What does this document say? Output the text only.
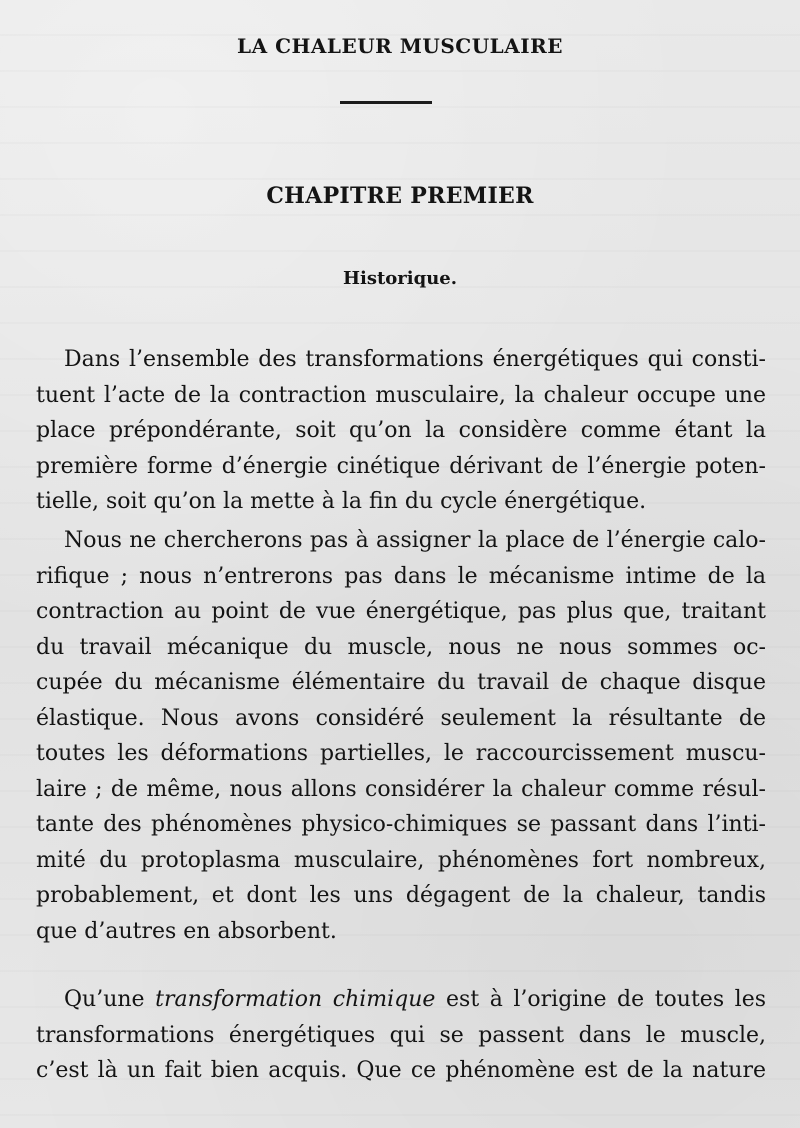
LA CHALEUR MUSCULAIRE
CHAPITRE PREMIER
Historique.
Dans l’ensemble des transformations énergétiques qui consti-
tuent l’acte de la contraction musculaire, la chaleur occupe une
place prépondérante, soit qu’on la considère comme étant la
première forme d’énergie cinétique dérivant de l’énergie poten-
tielle, soit qu’on la mette à la fin du cycle énergétique.
Nous ne chercherons pas à assigner la place de l’énergie calo-
rifique ; nous n’entrerons pas dans le mécanisme intime de la
contraction au point de vue énergétique, pas plus que, traitant
du travail mécanique du muscle, nous ne nous sommes oc-
cupée du mécanisme élémentaire du travail de chaque disque
élastique. Nous avons considéré seulement la résultante de
toutes les déformations partielles, le raccourcissement muscu-
laire ; de même, nous allons considérer la chaleur comme résul-
tante des phénomènes physico-chimiques se passant dans l’inti-
mité du protoplasma musculaire, phénomènes fort nombreux,
probablement, et dont les uns dégagent de la chaleur, tandis
que d’autres en absorbent.
Qu’une transformation chimique est à l’origine de toutes les
transformations énergétiques qui se passent dans le muscle,
c’est là un fait bien acquis. Que ce phénomène est de la nature
